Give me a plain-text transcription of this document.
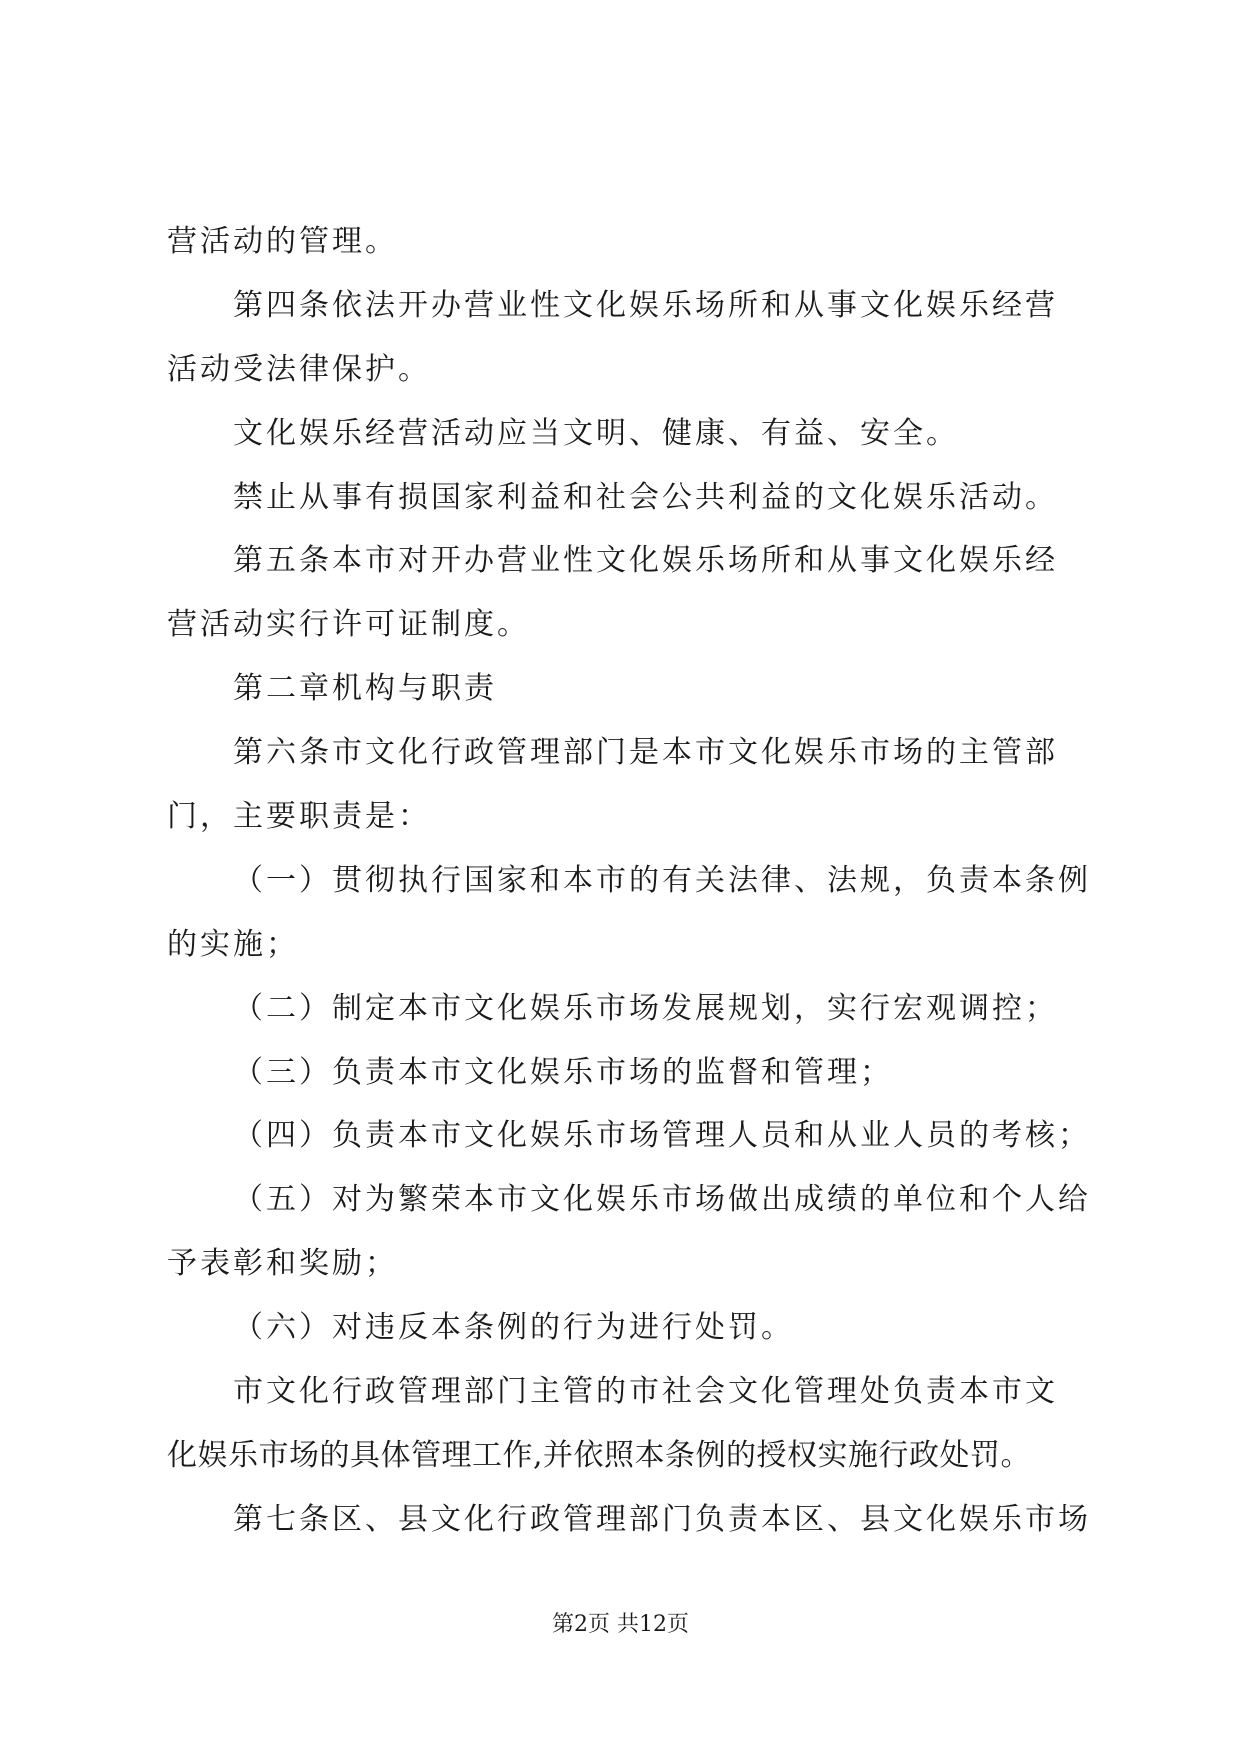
营活动的管理。
第四条依法开办营业性文化娱乐场所和从事文化娱乐经营
活动受法律保护。
文化娱乐经营活动应当文明、健康、有益、安全。
禁止从事有损国家利益和社会公共利益的文化娱乐活动。
第五条本市对开办营业性文化娱乐场所和从事文化娱乐经
营活动实行许可证制度。
第二章机构与职责
第六条市文化行政管理部门是本市文化娱乐市场的主管部
门，主要职责是：
（一）贯彻执行国家和本市的有关法律、法规，负责本条例
的实施；
（二）制定本市文化娱乐市场发展规划，实行宏观调控；
（三）负责本市文化娱乐市场的监督和管理；
（四）负责本市文化娱乐市场管理人员和从业人员的考核；
（五）对为繁荣本市文化娱乐市场做出成绩的单位和个人给
予表彰和奖励；
（六）对违反本条例的行为进行处罚。
市文化行政管理部门主管的市社会文化管理处负责本市文
化娱乐市场的具体管理工作,并依照本条例的授权实施行政处罚。
第七条区、县文化行政管理部门负责本区、县文化娱乐市场
第2页 共12页
